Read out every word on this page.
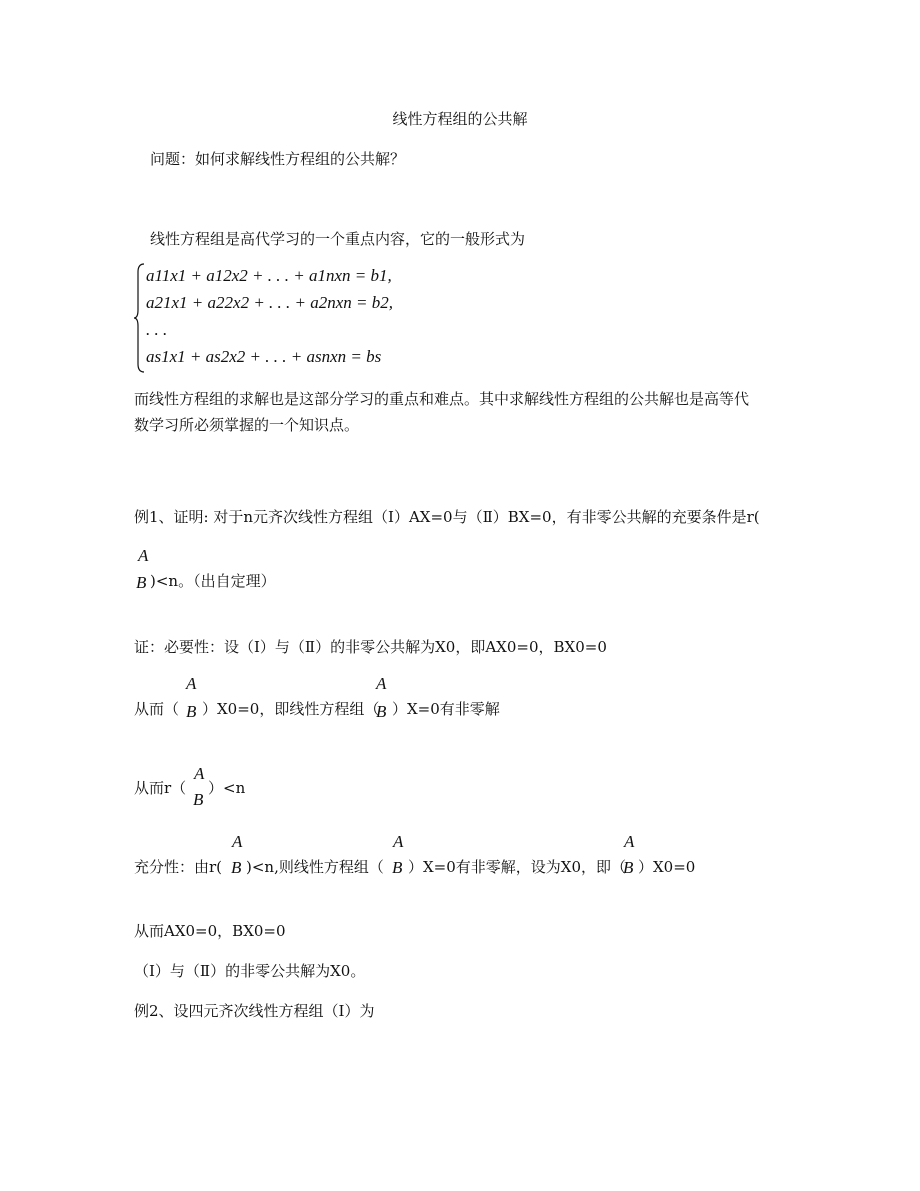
线性方程组的公共解
问题：如何求解线性方程组的公共解？
线性方程组是高代学习的一个重点内容，它的一般形式为
a11x1 + a12x2 + . . . + a1nxn = b1,
a21x1 + a22x2 + . . . + a2nxn = b2,
. . .
as1x1 + as2x2 + . . . + asnxn = bs
而线性方程组的求解也是这部分学习的重点和难点。其中求解线性方程组的公共解也是高等代
数学习所必须掌握的一个知识点。
例1、证明: 对于n元齐次线性方程组（Ⅰ）AX=0与（Ⅱ）BX=0，有非零公共解的充要条件是r(
A
B )<n。（出自定理）
证：必要性：设（Ⅰ）与（Ⅱ）的非零公共解为X0，即AX0=0，BX0=0
从而（
A
B ）X0=0，即线性方程组（
A
B ）X=0有非零解
从而r（
A
B
）<n
充分性：由r(
A
B )<n,则线性方程组（
A
B ）X=0有非零解，设为X0，即（
A
B ）X0=0
从而AX0=0，BX0=0
（Ⅰ）与（Ⅱ）的非零公共解为X0。
例2、设四元齐次线性方程组（Ⅰ）为
